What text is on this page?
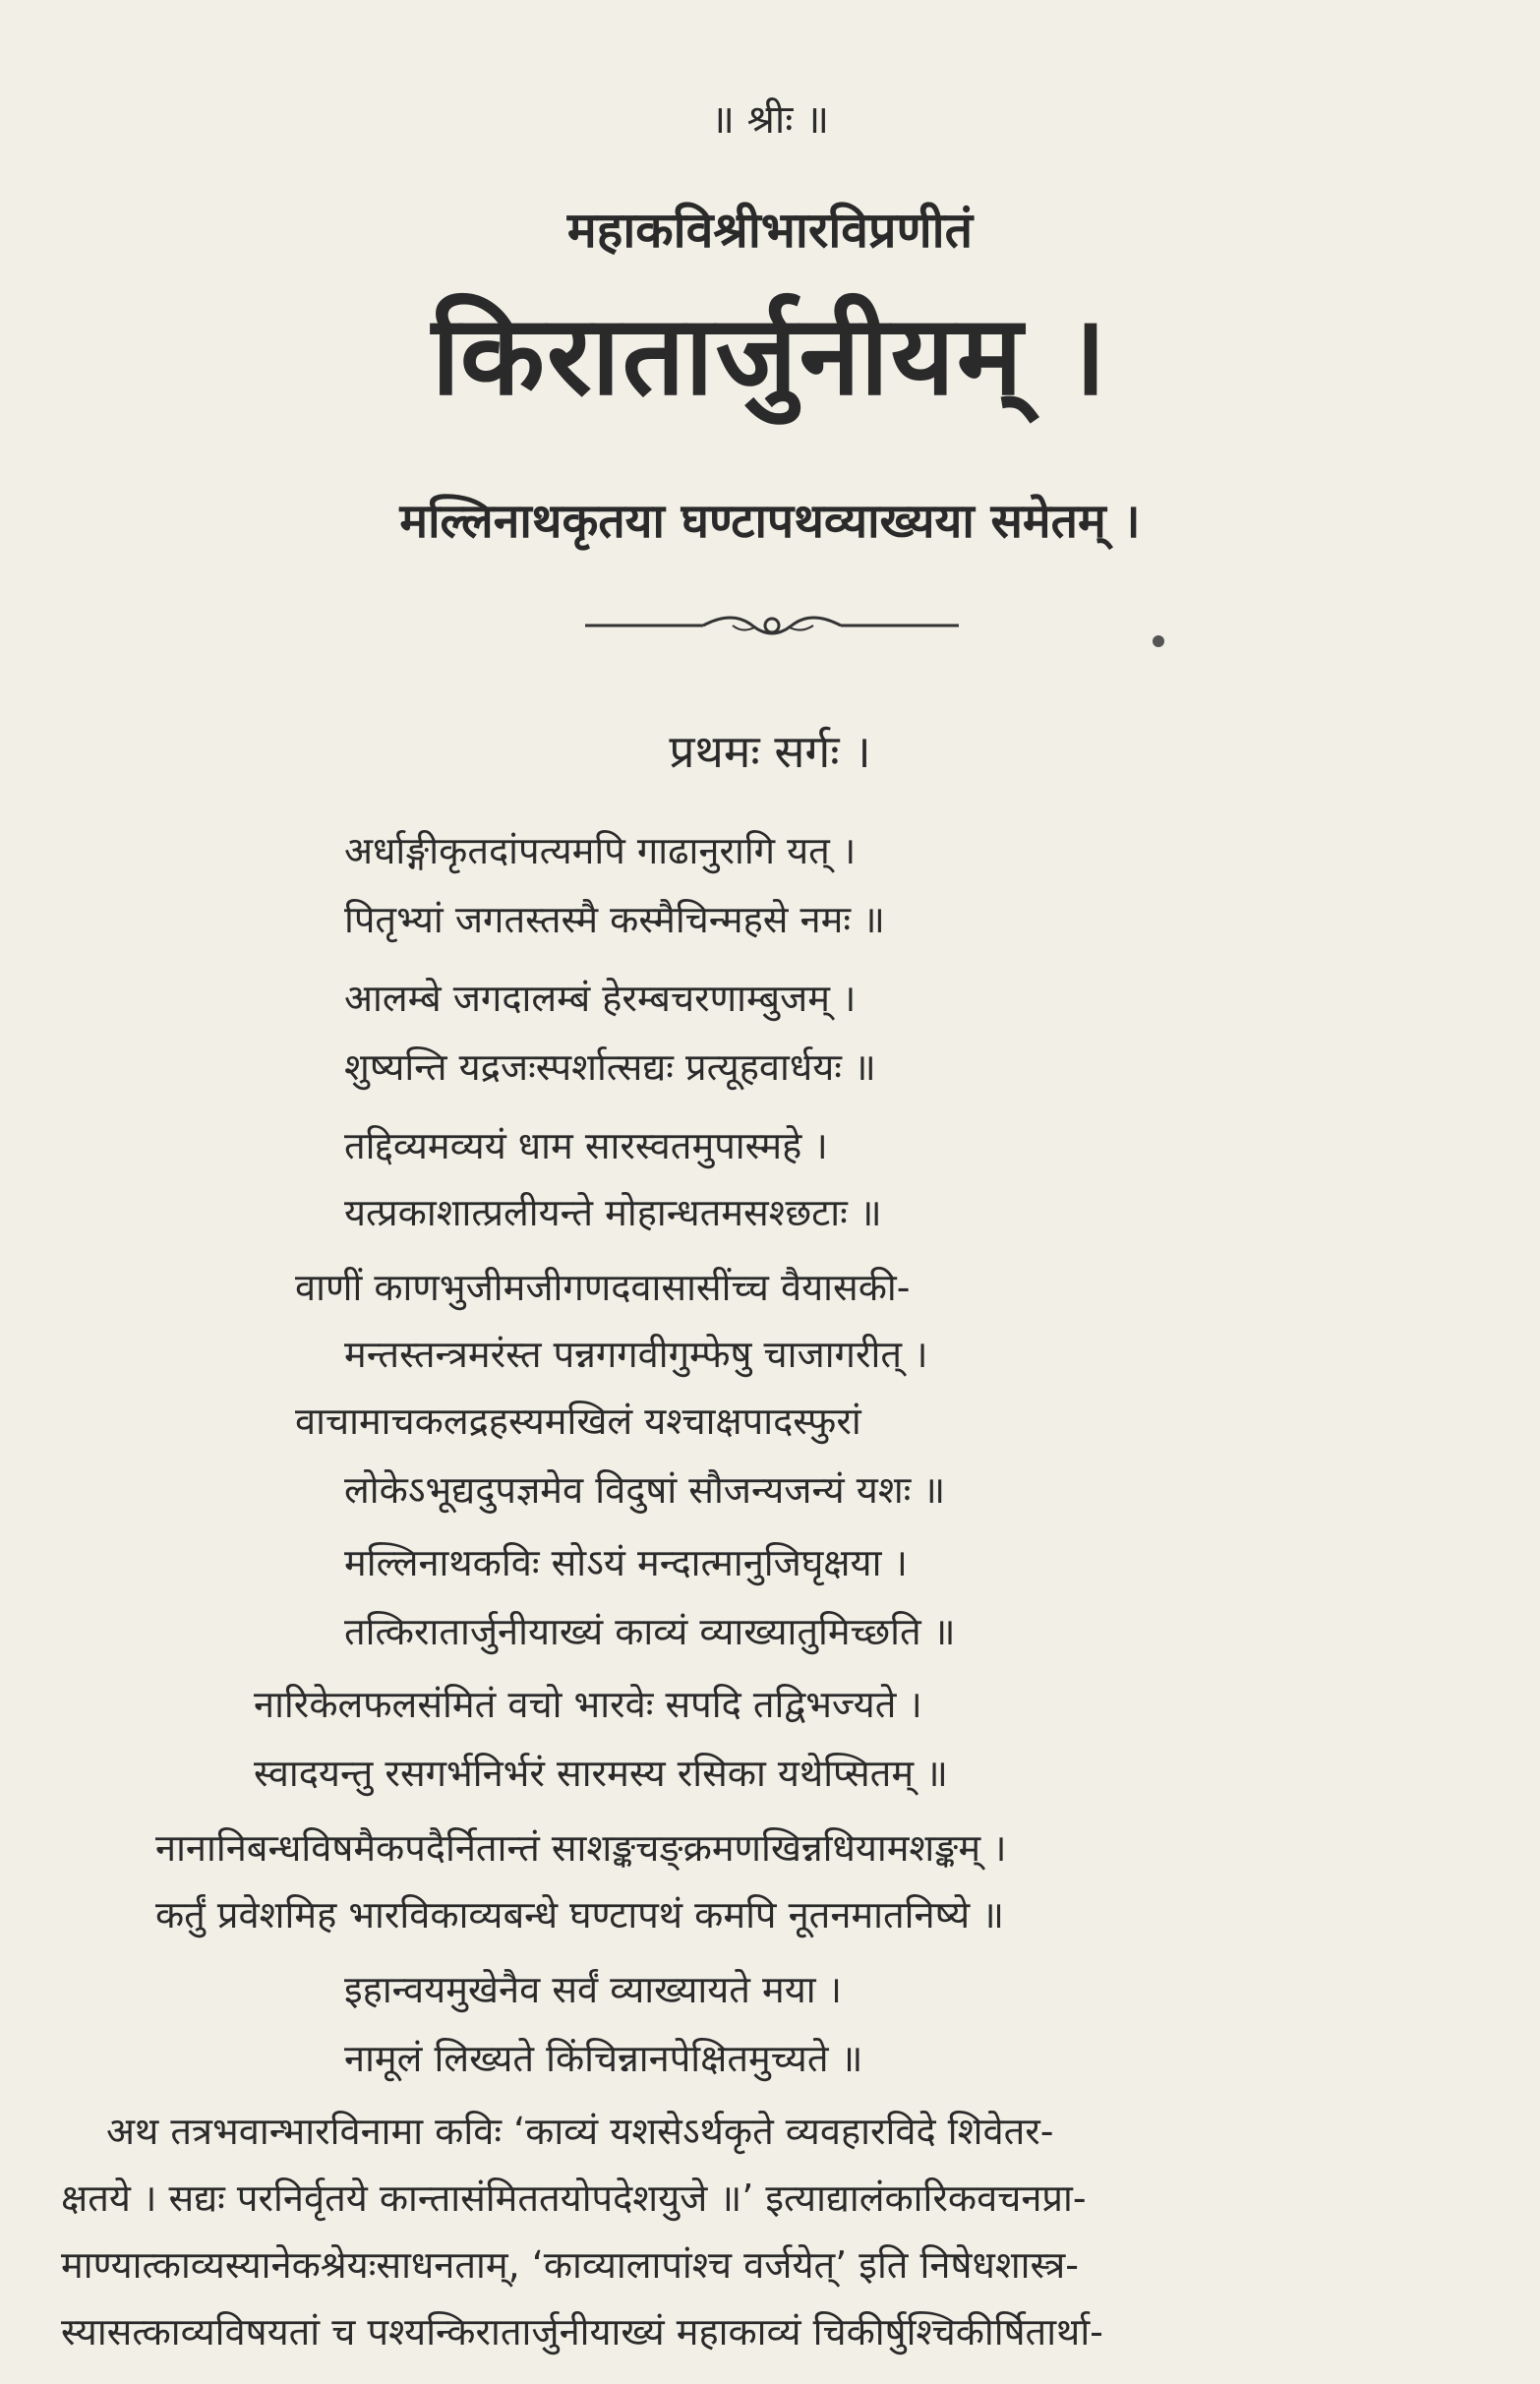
॥ श्रीः ॥
महाकविश्रीभारविप्रणीतं
किरातार्जुनीयम् ।
मल्लिनाथकृतया घण्टापथव्याख्यया समेतम् ।
प्रथमः सर्गः ।
अर्धाङ्गीकृतदांपत्यमपि गाढानुरागि यत् ।
पितृभ्यां जगतस्तस्मै कस्मैचिन्महसे नमः ॥
आलम्बे जगदालम्बं हेरम्बचरणाम्बुजम् ।
शुष्यन्ति यद्रजःस्पर्शात्सद्यः प्रत्यूहवार्धयः ॥
तद्दिव्यमव्ययं धाम सारस्वतमुपास्महे ।
यत्प्रकाशात्प्रलीयन्ते मोहान्धतमसश्छटाः ॥
वाणीं काणभुजीमजीगणदवासासींच्च वैयासकी-
मन्तस्तन्त्रमरंस्त पन्नगगवीगुम्फेषु चाजागरीत् ।
वाचामाचकलद्रहस्यमखिलं यश्चाक्षपादस्फुरां
लोकेऽभूद्यदुपज्ञमेव विदुषां सौजन्यजन्यं यशः ॥
मल्लिनाथकविः सोऽयं मन्दात्मानुजिघृक्षया ।
तत्किरातार्जुनीयाख्यं काव्यं व्याख्यातुमिच्छति ॥
नारिकेलफलसंमितं वचो भारवेः सपदि तद्विभज्यते ।
स्वादयन्तु रसगर्भनिर्भरं सारमस्य रसिका यथेप्सितम् ॥
नानानिबन्धविषमैकपदैर्नितान्तं साशङ्कचङ्क्रमणखिन्नधियामशङ्कम् ।
कर्तुं प्रवेशमिह भारविकाव्यबन्धे घण्टापथं कमपि नूतनमातनिष्ये ॥
इहान्वयमुखेनैव सर्वं व्याख्यायते मया ।
नामूलं लिख्यते किंचिन्नानपेक्षितमुच्यते ॥
अथ तत्रभवान्भारविनामा कविः ‘काव्यं यशसेऽर्थकृते व्यवहारविदे शिवेतर-
क्षतये । सद्यः परनिर्वृतये कान्तासंमिततयोपदेशयुजे ॥’ इत्याद्यालंकारिकवचनप्रा-
माण्यात्काव्यस्यानेकश्रेयःसाधनताम्, ‘काव्यालापांश्च वर्जयेत्’ इति निषेधशास्त्र-
स्यासत्काव्यविषयतां च पश्यन्किरातार्जुनीयाख्यं महाकाव्यं चिकीर्षुश्चिकीर्षितार्था-
